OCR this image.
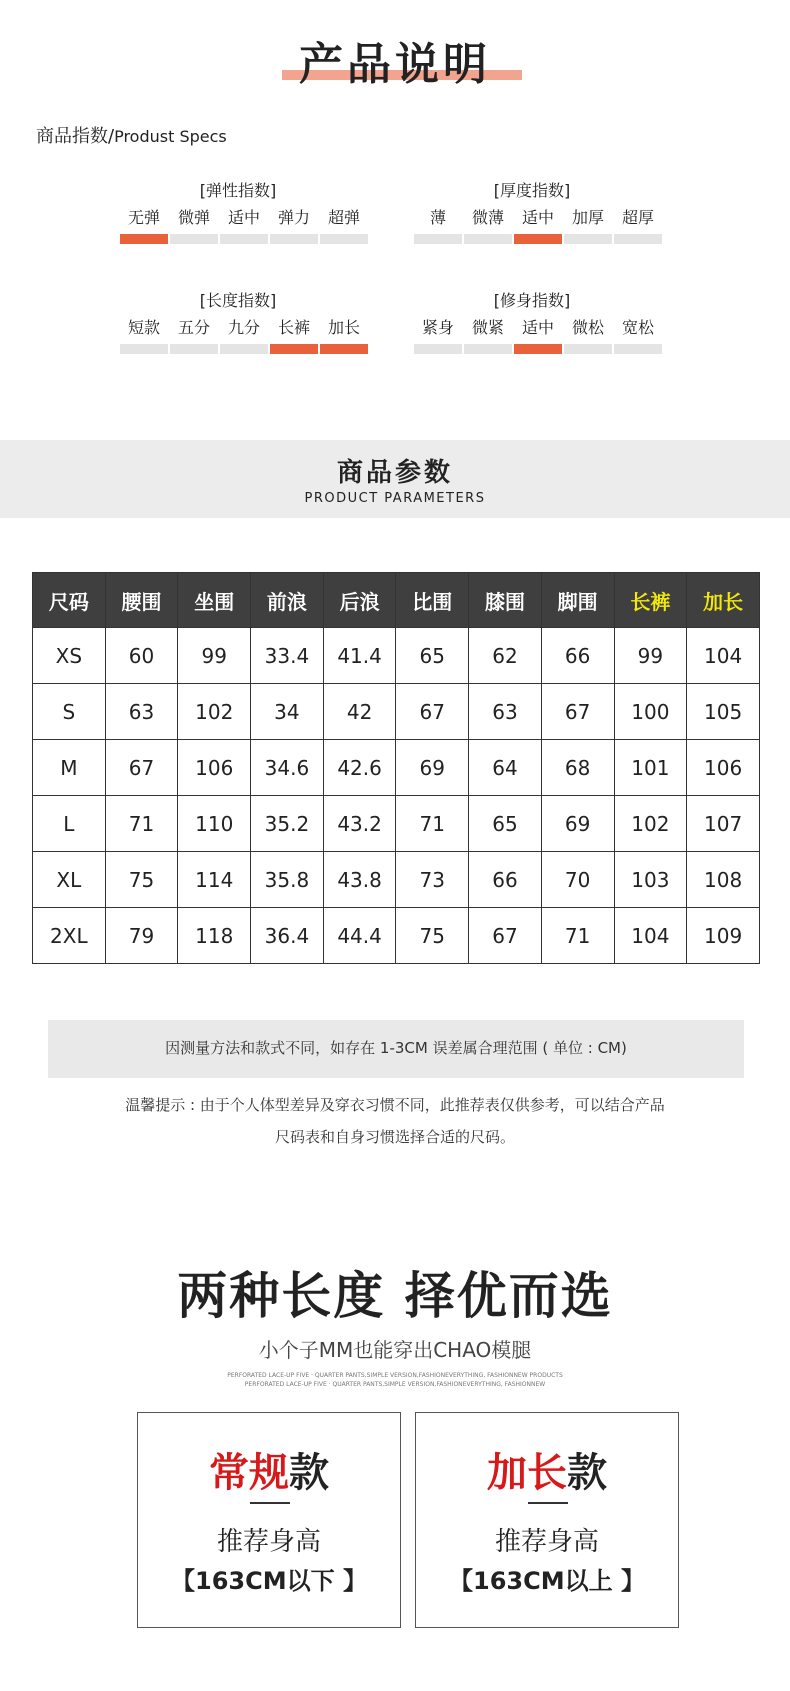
产品说明
商品指数/Produst Specs
[弹性指数]
无弹	微弹	适中	弹力	超弹
[厚度指数]
薄	微薄	适中	加厚	超厚
[长度指数]
短款	五分	九分	长裤	加长
[修身指数]
紧身	微紧	适中	微松	宽松
商品参数
PRODUCT PARAMETERS
尺码	腰围	坐围	前浪	后浪	比围	膝围	脚围	长裤	加长
XS	60	99	33.4	41.4	65	62	66	99	104
S	63	102	34	42	67	63	67	100	105
M	67	106	34.6	42.6	69	64	68	101	106
L	71	110	35.2	43.2	71	65	69	102	107
XL	75	114	35.8	43.8	73	66	70	103	108
2XL	79	118	36.4	44.4	75	67	71	104	109
因测量方法和款式不同，如存在 1-3CM 误差属合理范围 ( 单位 : CM)
温馨提示 : 由于个人体型差异及穿衣习惯不同，此推荐表仅供参考，可以结合产品
尺码表和自身习惯选择合适的尺码。
两种长度 择优而选
小个子MM也能穿出CHAO模腿
PERFORATED LACE-UP FIVE · QUARTER PANTS,SIMPLE VERSION,FASHIONEVERYTHING, FASHIONNEW PRODUCTS
PERFORATED LACE-UP FIVE · QUARTER PANTS,SIMPLE VERSION,FASHIONEVERYTHING, FASHIONNEW
常规款
推荐身高
【163CM以下 】
加长款
推荐身高
【163CM以上 】
